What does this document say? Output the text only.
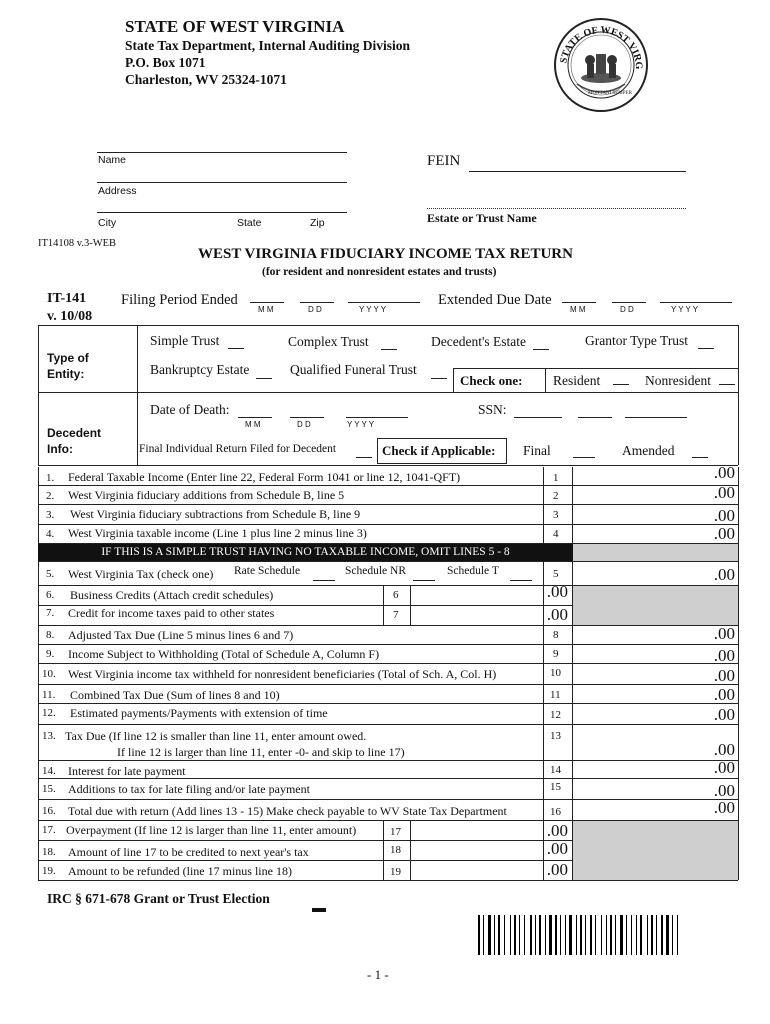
STATE OF WEST VIRGINIA
State Tax Department, Internal Auditing Division
P.O. Box 1071
Charleston, WV 25324-1071
STATE OF WEST VIRG
MONTANI SEMPER
Name	FEIN
Address
Estate or Trust Name
City	State	Zip
IT14108 v.3-WEB
WEST VIRGINIA FIDUCIARY INCOME TAX RETURN
(for resident and nonresident estates and trusts)
IT-141
v. 10/08
Filing Period Ended
M M	D D	Y Y Y Y
Extended Due Date
M M	D D	Y Y Y Y
Type of Entity:
Simple Trust	Complex Trust	Decedent's Estate	Grantor Type Trust
Bankruptcy Estate	Qualified Funeral Trust
Check one: Resident	Nonresident
Decedent Info:
Date of Death:
M M	D D	Y Y Y Y
SSN:
Final Individual Return Filed for Decedent	Check if Applicable: Final	Amended
1. Federal Taxable Income (Enter line 22, Federal Form 1041 or line 12, 1041-QFT)	1	.00
2. West Virginia fiduciary additions from Schedule B, line 5	2	.00
3. West Virginia fiduciary subtractions from Schedule B, line 9	3	.00
4. West Virginia taxable income (Line 1 plus line 2 minus line 3)	4	.00
IF THIS IS A SIMPLE TRUST HAVING NO TAXABLE INCOME, OMIT LINES 5 - 8
5. West Virginia Tax (check one) Rate Schedule	Schedule NR	Schedule T	5	.00
6. Business Credits (Attach credit schedules)	6	.00
7. Credit for income taxes paid to other states	7	.00
8. Adjusted Tax Due (Line 5 minus lines 6 and 7)	8	.00
9. Income Subject to Withholding (Total of Schedule A, Column F)	9	.00
10. West Virginia income tax withheld for nonresident beneficiaries (Total of Sch. A, Col. H)	10	.00
11. Combined Tax Due (Sum of lines 8 and 10)	11	.00
12. Estimated payments/Payments with extension of time	12	.00
13. Tax Due (If line 12 is smaller than line 11, enter amount owed.
If line 12 is larger than line 11, enter -0- and skip to line 17)
13
.00
14. Interest for late payment	14	.00
15. Additions to tax for late filing and/or late payment	15	.00
16. Total due with return (Add lines 13 - 15) Make check payable to WV State Tax Department	16	.00
17. Overpayment (If line 12 is larger than line 11, enter amount)	17	.00
18. Amount of line 17 to be credited to next year's tax	18	.00
19. Amount to be refunded (line 17 minus line 18)	19	.00
IRC § 671-678 Grant or Trust Election
- 1 -
